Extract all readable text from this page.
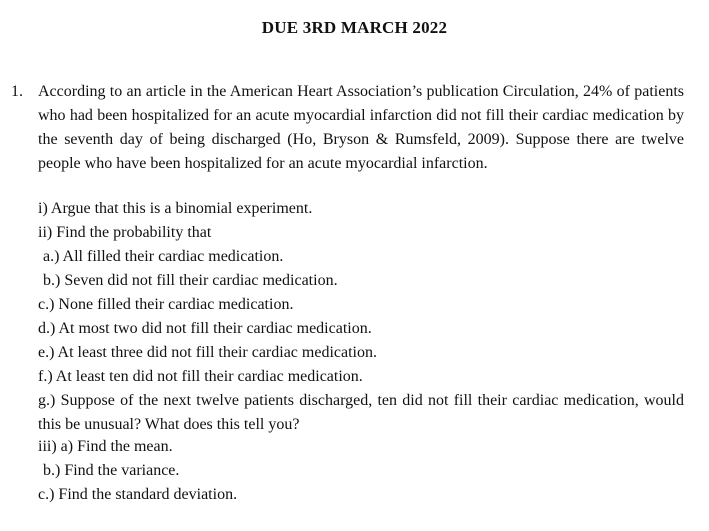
DUE 3RD MARCH 2022
1. According to an article in the American Heart Association’s publication Circulation, 24% of patients who had been hospitalized for an acute myocardial infarction did not fill their cardiac medication by the seventh day of being discharged (Ho, Bryson & Rumsfeld, 2009). Suppose there are twelve people who have been hospitalized for an acute myocardial infarction.
i) Argue that this is a binomial experiment.
ii) Find the probability that
a.) All filled their cardiac medication.
b.) Seven did not fill their cardiac medication.
c.) None filled their cardiac medication.
d.) At most two did not fill their cardiac medication.
e.) At least three did not fill their cardiac medication.
f.) At least ten did not fill their cardiac medication.
g.) Suppose of the next twelve patients discharged, ten did not fill their cardiac medication, would this be unusual? What does this tell you?
iii) a) Find the mean.
b.) Find the variance.
c.) Find the standard deviation.
